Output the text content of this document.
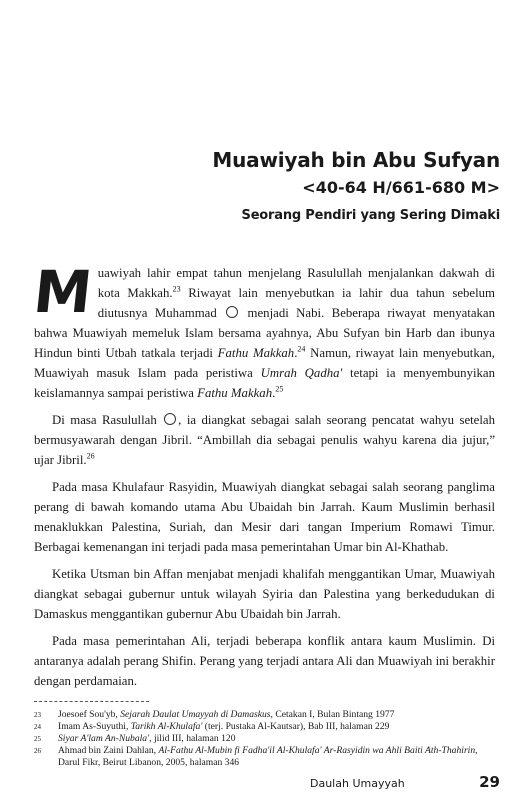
Muawiyah bin Abu Sufyan
<40-64 H/661-680 M>
Seorang Pendiri yang Sering Dimaki

Muawiyah lahir empat tahun menjelang Rasulullah menjalankan dakwah di kota Makkah.$^{23}$ Riwayat lain menyebutkan ia lahir dua tahun sebelum diutusnya Muhammad  menjadi Nabi. Beberapa riwayat menyatakan bahwa Muawiyah memeluk Islam bersama ayahnya, Abu Sufyan bin Harb dan ibunya Hindun binti Utbah tatkala terjadi Fathu Makkah.$^{24}$ Namun, riwayat lain menyebutkan, Muawiyah masuk Islam pada peristiwa Umrah Qadha' tetapi ia menyembunyikan keislamannya sampai peristiwa Fathu Makkah.$^{25}$

Di masa Rasulullah , ia diangkat sebagai salah seorang pencatat wahyu setelah bermusyawarah dengan Jibril. “Ambillah dia sebagai penulis wahyu karena dia jujur,” ujar Jibril.$^{26}$

Pada masa Khulafaur Rasyidin, Muawiyah diangkat sebagai salah seorang panglima perang di bawah komando utama Abu Ubaidah bin Jarrah. Kaum Muslimin berhasil menaklukkan Palestina, Suriah, dan Mesir dari tangan Imperium Romawi Timur. Berbagai kemenangan ini terjadi pada masa pemerintahan Umar bin Al-Khathab.

Ketika Utsman bin Affan menjabat menjadi khalifah menggantikan Umar, Muawiyah diangkat sebagai gubernur untuk wilayah Syiria dan Palestina yang berkedudukan di Damaskus menggantikan gubernur Abu Ubaidah bin Jarrah.

Pada masa pemerintahan Ali, terjadi beberapa konflik antara kaum Muslimin. Di antaranya adalah perang Shifin. Perang yang terjadi antara Ali dan Muawiyah ini berakhir dengan perdamaian.

23 Joesoef Sou'yb, Sejarah Daulat Umayyah di Damaskus, Cetakan I, Bulan Bintang 1977
24 Imam As-Suyuthi, Tarikh Al-Khulafa' (terj. Pustaka Al-Kautsar), Bab III, halaman 229
25 Siyar A'lam An-Nubala', jilid III, halaman 120
26 Ahmad bin Zaini Dahlan, Al-Fathu Al-Mubin fi Fadha'il Al-Khulafa' Ar-Rasyidin wa Ahli Baiti Ath-Thahirin, Darul Fikr, Beirut Libanon, 2005, halaman 346
Daulah Umayyah	29
